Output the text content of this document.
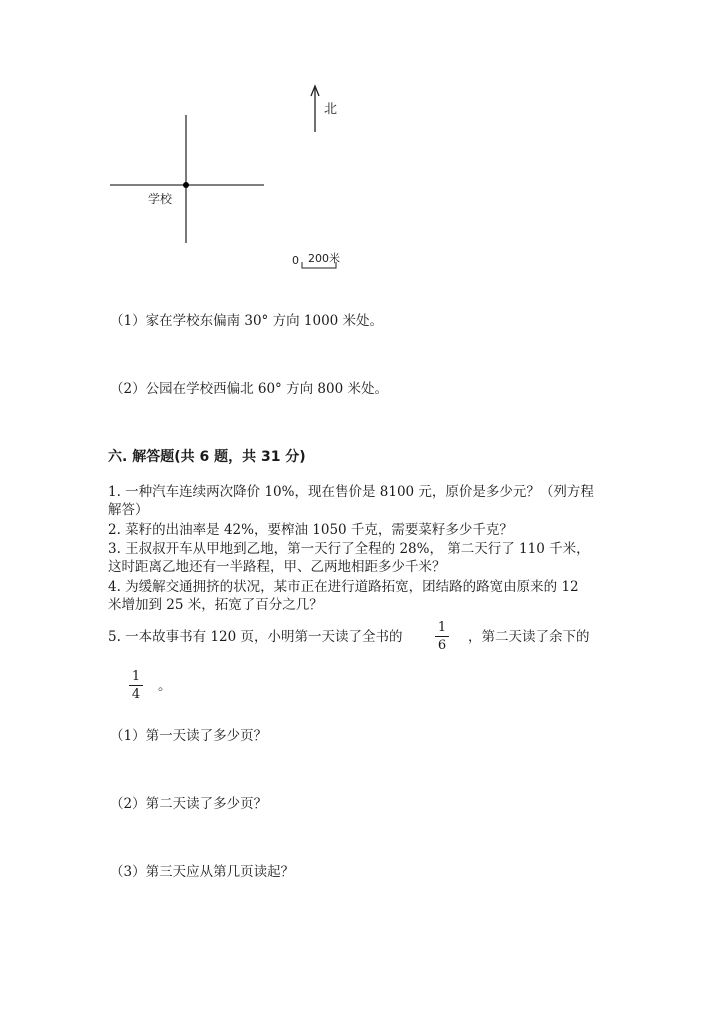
北
学校
0 200米
（1）家在学校东偏南 30° 方向 1000 米处。
（2）公园在学校西偏北 60° 方向 800 米处。
六. 解答题(共 6 题，共 31 分)
1. 一种汽车连续两次降价 10%，现在售价是 8100 元，原价是多少元？（列方程
解答）
2. 菜籽的出油率是 42%，要榨油 1050 千克，需要菜籽多少千克？
3. 王叔叔开车从甲地到乙地，第一天行了全程的 28%， 第二天行了 110 千米，
这时距离乙地还有一半路程，甲、乙两地相距多少千米？
4. 为缓解交通拥挤的状况，某市正在进行道路拓宽，团结路的路宽由原来的 12
米增加到 25 米，拓宽了百分之几？
5. 一本故事书有 120 页，小明第一天读了全书的
1
6
，第二天读了余下的
1
4
。
（1）第一天读了多少页？
（2）第二天读了多少页？
（3）第三天应从第几页读起？
